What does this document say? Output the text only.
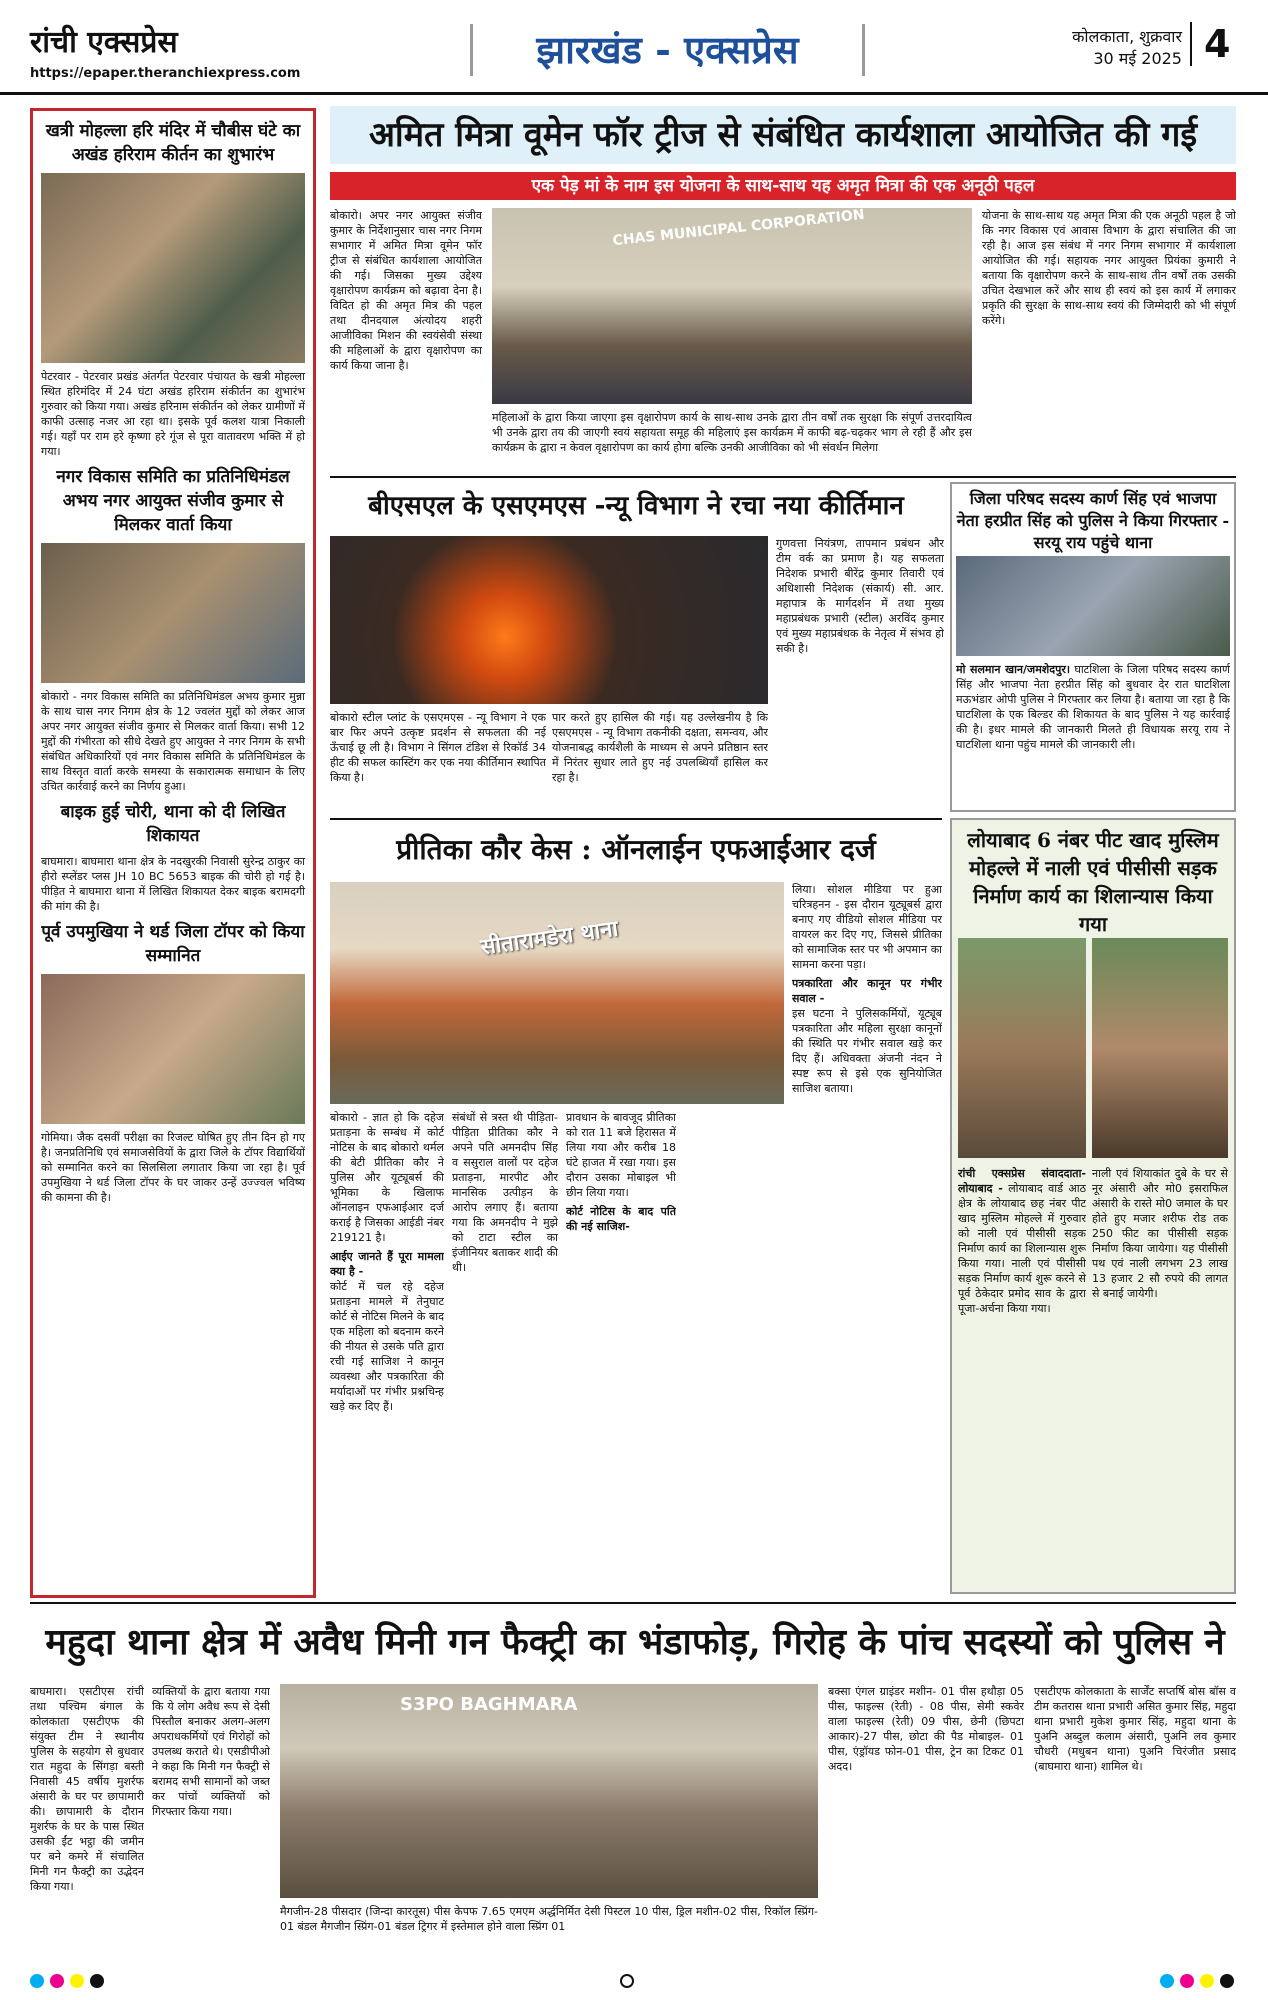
रांची एक्सप्रेस
https://epaper.theranchiexpress.com
झारखंड - एक्सप्रेस	कोलकाता, शुक्रवार
30 मई 2025 4
खत्री मोहल्ला हरि मंदिर में चौबीस घंटे का अखंड हरिराम कीर्तन का शुभारंभ
पेटरवार - पेटरवार प्रखंड अंतर्गत पेटरवार पंचायत के खत्री मोहल्ला स्थित हरिमंदिर में 24 घंटा अखंड हरिराम संकीर्तन का शुभारंभ गुरुवार को किया गया। अखंड हरिनाम संकीर्तन को लेकर ग्रामीणों में काफी उत्साह नजर आ रहा था। इसके पूर्व कलश यात्रा निकाली गई। यहाँ पर राम हरे कृष्णा हरे गूंज से पूरा वातावरण भक्ति में हो गया।
नगर विकास समिति का प्रतिनिधिमंडल अभय नगर आयुक्त संजीव कुमार से मिलकर वार्ता किया
बोकारो - नगर विकास समिति का प्रतिनिधिमंडल अभय कुमार मुन्ना के साथ चास नगर निगम क्षेत्र के 12 ज्वलंत मुद्दों को लेकर आज अपर नगर आयुक्त संजीव कुमार से मिलकर वार्ता किया। सभी 12 मुद्दों की गंभीरता को सीधे देखते हुए आयुक्त ने नगर निगम के सभी संबंधित अधिकारियों एवं नगर विकास समिति के प्रतिनिधिमंडल के साथ विस्तृत वार्ता करके समस्या के सकारात्मक समाधान के लिए उचित कार्रवाई करने का निर्णय हुआ।
बाइक हुई चोरी, थाना को दी लिखित शिकायत
बाघमारा। बाघमारा थाना क्षेत्र के नदखुरकी निवासी सुरेन्द्र ठाकुर का हीरो स्प्लेंडर प्लस JH 10 BC 5653 बाइक की चोरी हो गई है। पीड़ित ने बाघमारा थाना में लिखित शिकायत देकर बाइक बरामदगी की मांग की है।
पूर्व उपमुखिया ने थर्ड जिला टॉपर को किया सम्मानित
गोमिया। जैक दसवीं परीक्षा का रिजल्ट घोषित हुए तीन दिन हो गए है। जनप्रतिनिधि एवं समाजसेवियों के द्वारा जिले के टॉपर विद्यार्थियों को सम्मानित करने का सिलसिला लगातार किया जा रहा है। पूर्व उपमुखिया ने थर्ड जिला टॉपर के घर जाकर उन्हें उज्ज्वल भविष्य की कामना की है।
अमित मित्रा वूमेन फॉर ट्रीज से संबंधित कार्यशाला आयोजित की गई
एक पेड़ मां के नाम इस योजना के साथ-साथ यह अमृत मित्रा की एक अनूठी पहल
बोकारो। अपर नगर आयुक्त संजीव कुमार के निर्देशानुसार चास नगर निगम सभागार में अमित मित्रा वूमेन फॉर ट्रीज से संबंधित कार्यशाला आयोजित की गई। जिसका मुख्य उद्देश्य वृक्षारोपण कार्यक्रम को बढ़ावा देना है। विदित हो की अमृत मित्र की पहल तथा दीनदयाल अंत्योदय शहरी आजीविका मिशन की स्वयंसेवी संस्था की महिलाओं के द्वारा वृक्षारोपण का कार्य किया जाना है।
CHAS MUNICIPAL CORPORATION
महिलाओं के द्वारा किया जाएगा इस वृक्षारोपण कार्य के साथ-साथ उनके द्वारा तीन वर्षों तक सुरक्षा कि संपूर्ण उत्तरदायित्व भी उनके द्वारा तय की जाएगी स्वयं सहायता समूह की महिलाएं इस कार्यक्रम में काफी बढ़-चढ़कर भाग ले रही हैं और इस कार्यक्रम के द्वारा न केवल वृक्षारोपण का कार्य होगा बल्कि उनकी आजीविका को भी संवर्धन मिलेगा
योजना के साथ-साथ यह अमृत मित्रा की एक अनूठी पहल है जो कि नगर विकास एवं आवास विभाग के द्वारा संचालित की जा रही है। आज इस संबंध में नगर निगम सभागार में कार्यशाला आयोजित की गई। सहायक नगर आयुक्त प्रियंका कुमारी ने बताया कि वृक्षारोपण करने के साथ-साथ तीन वर्षों तक उसकी उचित देखभाल करें और साथ ही स्वयं को इस कार्य में लगाकर प्रकृति की सुरक्षा के साथ-साथ स्वयं की जिम्मेदारी को भी संपूर्ण करेंगे।
बीएसएल के एसएमएस -न्यू विभाग ने रचा नया कीर्तिमान
बोकारो स्टील प्लांट के एसएमएस - न्यू विभाग ने एक बार फिर अपने उत्कृष्ट प्रदर्शन से सफलता की नई ऊँचाई छू ली है। विभाग ने सिंगल टंडिश से रिकॉर्ड 34 हीट की सफल कास्टिंग कर एक नया कीर्तिमान स्थापित किया है।
पार करते हुए हासिल की गई। यह उल्लेखनीय है कि एसएमएस - न्यू विभाग तकनीकी दक्षता, समन्वय, और योजनाबद्ध कार्यशैली के माध्यम से अपने प्रतिष्ठान स्तर में निरंतर सुधार लाते हुए नई उपलब्धियाँ हासिल कर रहा है।
गुणवत्ता नियंत्रण, तापमान प्रबंधन और टीम वर्क का प्रमाण है। यह सफलता निदेशक प्रभारी बीरेंद्र कुमार तिवारी एवं अधिशासी निदेशक (संकार्य) सी. आर. महापात्र के मार्गदर्शन में तथा मुख्य महाप्रबंधक प्रभारी (स्टील) अरविंद कुमार एवं मुख्य महाप्रबंधक के नेतृत्व में संभव हो सकी है।
जिला परिषद सदस्य कार्ण सिंह एवं भाजपा नेता हरप्रीत सिंह को पुलिस ने किया गिरफ्तार - सरयू राय पहुंचे थाना
मो सलमान खान/जमशेदपुर। घाटशिला के जिला परिषद सदस्य कार्ण सिंह और भाजपा नेता हरप्रीत सिंह को बुधवार देर रात घाटशिला मऊभंडार ओपी पुलिस ने गिरफ्तार कर लिया है। बताया जा रहा है कि घाटशिला के एक बिल्डर की शिकायत के बाद पुलिस ने यह कार्रवाई की है। इधर मामले की जानकारी मिलते ही विधायक सरयू राय ने घाटशिला थाना पहुंच मामले की जानकारी ली।
प्रीतिका कौर केस : ऑनलाईन एफआईआर दर्ज
सीतारामडेरा थाना
बोकारो - ज्ञात हो कि दहेज प्रताड़ना के सम्बंध में कोर्ट नोटिस के बाद बोकारो थर्मल की बेटी प्रीतिका कौर ने पुलिस और यूट्यूबर्स की भूमिका के खिलाफ ऑनलाइन एफआईआर दर्ज कराई है जिसका आईडी नंबर 219121 है।
आईए जानते हैं पूरा मामला क्या है -
कोर्ट में चल रहे दहेज प्रताड़ना मामले में तेनुघाट कोर्ट से नोटिस मिलने के बाद एक महिला को बदनाम करने की नीयत से उसके पति द्वारा रची गई साजिश ने कानून व्यवस्था और पत्रकारिता की मर्यादाओं पर गंभीर प्रश्नचिन्ह खड़े कर दिए हैं।
संबंधों से त्रस्त थी पीड़िता- पीड़िता प्रीतिका कौर ने अपने पति अमनदीप सिंह व ससुराल वालों पर दहेज प्रताड़ना, मारपीट और मानसिक उत्पीड़न के आरोप लगाए हैं। बताया गया कि अमनदीप ने मुझे को टाटा स्टील का इंजीनियर बताकर शादी की थी।
प्रावधान के बावजूद प्रीतिका को रात 11 बजे हिरासत में लिया गया और करीब 18 घंटे हाजत में रखा गया। इस दौरान उसका मोबाइल भी छीन लिया गया।
कोर्ट नोटिस के बाद पति की नई साजिश-
लिया। सोशल मीडिया पर हुआ चरित्रहनन - इस दौरान यूट्यूबर्स द्वारा बनाए गए वीडियो सोशल मीडिया पर वायरल कर दिए गए, जिससे प्रीतिका को सामाजिक स्तर पर भी अपमान का सामना करना पड़ा।
पत्रकारिता और कानून पर गंभीर सवाल -
इस घटना ने पुलिसकर्मियों, यूट्यूब पत्रकारिता और महिला सुरक्षा कानूनों की स्थिति पर गंभीर सवाल खड़े कर दिए हैं। अधिवक्ता अंजनी नंदन ने स्पष्ट रूप से इसे एक सुनियोजित साजिश बताया।
लोयाबाद 6 नंबर पीट खाद मुस्लिम मोहल्ले में नाली एवं पीसीसी सड़क निर्माण कार्य का शिलान्यास किया गया
रांची एक्सप्रेस संवाददाता- लोयाबाद - लोयाबाद वार्ड आठ क्षेत्र के लोयाबाद छह नंबर पीट खाद मुस्लिम मोहल्ले में गुरुवार को नाली एवं पीसीसी सड़क निर्माण कार्य का शिलान्यास शुरू किया गया। नाली एवं पीसीसी सड़क निर्माण कार्य शुरू करने से पूर्व ठेकेदार प्रमोद साव के द्वारा पूजा-अर्चना किया गया।
नाली एवं शियाकांत दुबे के घर से नूर अंसारी और मो0 इसराफिल अंसारी के रास्ते मो0 जमाल के घर होते हुए मजार शरीफ रोड तक 250 फीट का पीसीसी सड़क निर्माण किया जायेगा। यह पीसीसी पथ एवं नाली लगभग 23 लाख 13 हजार 2 सौ रुपये की लागत से बनाई जायेगी।
महुदा थाना क्षेत्र में अवैध मिनी गन फैक्ट्री का भंडाफोड़, गिरोह के पांच सदस्यों को पुलिस ने
बाघमारा। एसटीएस रांची तथा पश्चिम बंगाल के कोलकाता एसटीएफ की संयुक्त टीम ने स्थानीय पुलिस के सहयोग से बुधवार रात महुदा के सिंगड़ा बस्ती निवासी 45 वर्षीय मुशर्रफ अंसारी के घर पर छापामारी की। छापामारी के दौरान मुशर्रफ के घर के पास स्थित उसकी ईंट भट्ठा की जमीन पर बने कमरे में संचालित मिनी गन फैक्ट्री का उद्भेदन किया गया।
व्यक्तियों के द्वारा बताया गया कि ये लोग अवैध रूप से देसी पिस्तौल बनाकर अलग-अलग अपराधकर्मियों एवं गिरोहों को उपलब्ध कराते थे। एसडीपीओ ने कहा कि मिनी गन फैक्ट्री से बरामद सभी सामानों को जब्त कर पांचों व्यक्तियों को गिरफ्तार किया गया।
S3PO BAGHMARA
मैगजीन-28 पीसदार (जिन्दा कारतूस) पीस केपफ 7.65 एमएम अर्द्धनिर्मित देसी पिस्टल 10 पीस, ड्रिल मशीन-02 पीस, रिकॉल स्प्रिंग- 01 बंडल मैगजीन स्प्रिंग-01 बंडल ट्रिगर में इस्तेमाल होने वाला स्प्रिंग 01
बक्सा एंगल ग्राइंडर मशीन- 01 पीस हथौड़ा 05 पीस, फाइल्स (रेती) - 08 पीस, सेमी स्कवेर वाला फाइल्स (रेती) 09 पीस, छेनी (छिपटा आकार)-27 पीस, छोटा की पैड मोबाइल- 01 पीस, एंड्रॉयड फोन-01 पीस, ट्रेन का टिकट 01 अदद।
एसटीएफ कोलकाता के सार्जेंट सप्तर्षि बोस बॉस व टीम कतरास थाना प्रभारी असित कुमार सिंह, महुदा थाना प्रभारी मुकेश कुमार सिंह, महुदा थाना के पुअनि अब्दुल कलाम अंसारी, पुअनि लव कुमार चौधरी (मधुबन थाना) पुअनि चिरंजीत प्रसाद (बाघमारा थाना) शामिल थे।
